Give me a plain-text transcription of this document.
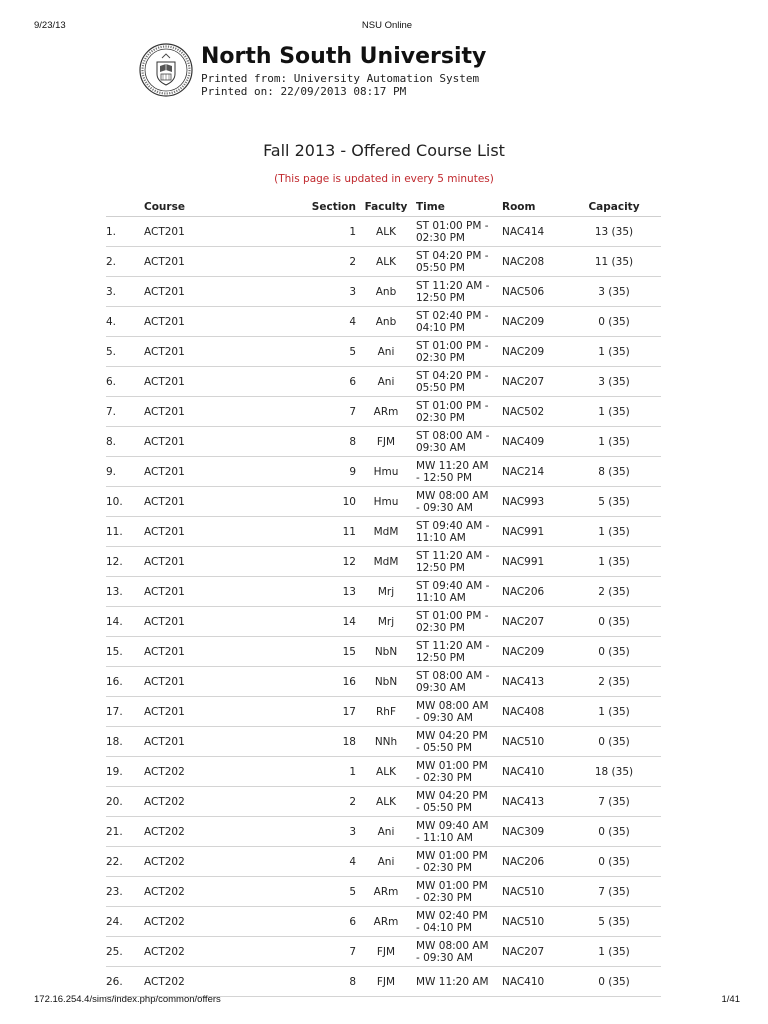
9/23/13	NSU Online
North South University
Printed from: University Automation System
Printed on: 22/09/2013 08:17 PM
Fall 2013 - Offered Course List
(This page is updated in every 5 minutes)
	Course	Section	Faculty	Time	Room	Capacity
1.	ACT201	1	ALK	ST 01:00 PM -
02:30 PM	NAC414	13 (35)
2.	ACT201	2	ALK	ST 04:20 PM -
05:50 PM	NAC208	11 (35)
3.	ACT201	3	Anb	ST 11:20 AM -
12:50 PM	NAC506	3 (35)
4.	ACT201	4	Anb	ST 02:40 PM -
04:10 PM	NAC209	0 (35)
5.	ACT201	5	Ani	ST 01:00 PM -
02:30 PM	NAC209	1 (35)
6.	ACT201	6	Ani	ST 04:20 PM -
05:50 PM	NAC207	3 (35)
7.	ACT201	7	ARm	ST 01:00 PM -
02:30 PM	NAC502	1 (35)
8.	ACT201	8	FJM	ST 08:00 AM -
09:30 AM	NAC409	1 (35)
9.	ACT201	9	Hmu	MW 11:20 AM
- 12:50 PM	NAC214	8 (35)
10.	ACT201	10	Hmu	MW 08:00 AM
- 09:30 AM	NAC993	5 (35)
11.	ACT201	11	MdM	ST 09:40 AM -
11:10 AM	NAC991	1 (35)
12.	ACT201	12	MdM	ST 11:20 AM -
12:50 PM	NAC991	1 (35)
13.	ACT201	13	Mrj	ST 09:40 AM -
11:10 AM	NAC206	2 (35)
14.	ACT201	14	Mrj	ST 01:00 PM -
02:30 PM	NAC207	0 (35)
15.	ACT201	15	NbN	ST 11:20 AM -
12:50 PM	NAC209	0 (35)
16.	ACT201	16	NbN	ST 08:00 AM -
09:30 AM	NAC413	2 (35)
17.	ACT201	17	RhF	MW 08:00 AM
- 09:30 AM	NAC408	1 (35)
18.	ACT201	18	NNh	MW 04:20 PM
- 05:50 PM	NAC510	0 (35)
19.	ACT202	1	ALK	MW 01:00 PM
- 02:30 PM	NAC410	18 (35)
20.	ACT202	2	ALK	MW 04:20 PM
- 05:50 PM	NAC413	7 (35)
21.	ACT202	3	Ani	MW 09:40 AM
- 11:10 AM	NAC309	0 (35)
22.	ACT202	4	Ani	MW 01:00 PM
- 02:30 PM	NAC206	0 (35)
23.	ACT202	5	ARm	MW 01:00 PM
- 02:30 PM	NAC510	7 (35)
24.	ACT202	6	ARm	MW 02:40 PM
- 04:10 PM	NAC510	5 (35)
25.	ACT202	7	FJM	MW 08:00 AM
- 09:30 AM	NAC207	1 (35)
26.	ACT202	8	FJM	MW 11:20 AM	NAC410	0 (35)
172.16.254.4/sims/index.php/common/offers	1/41
